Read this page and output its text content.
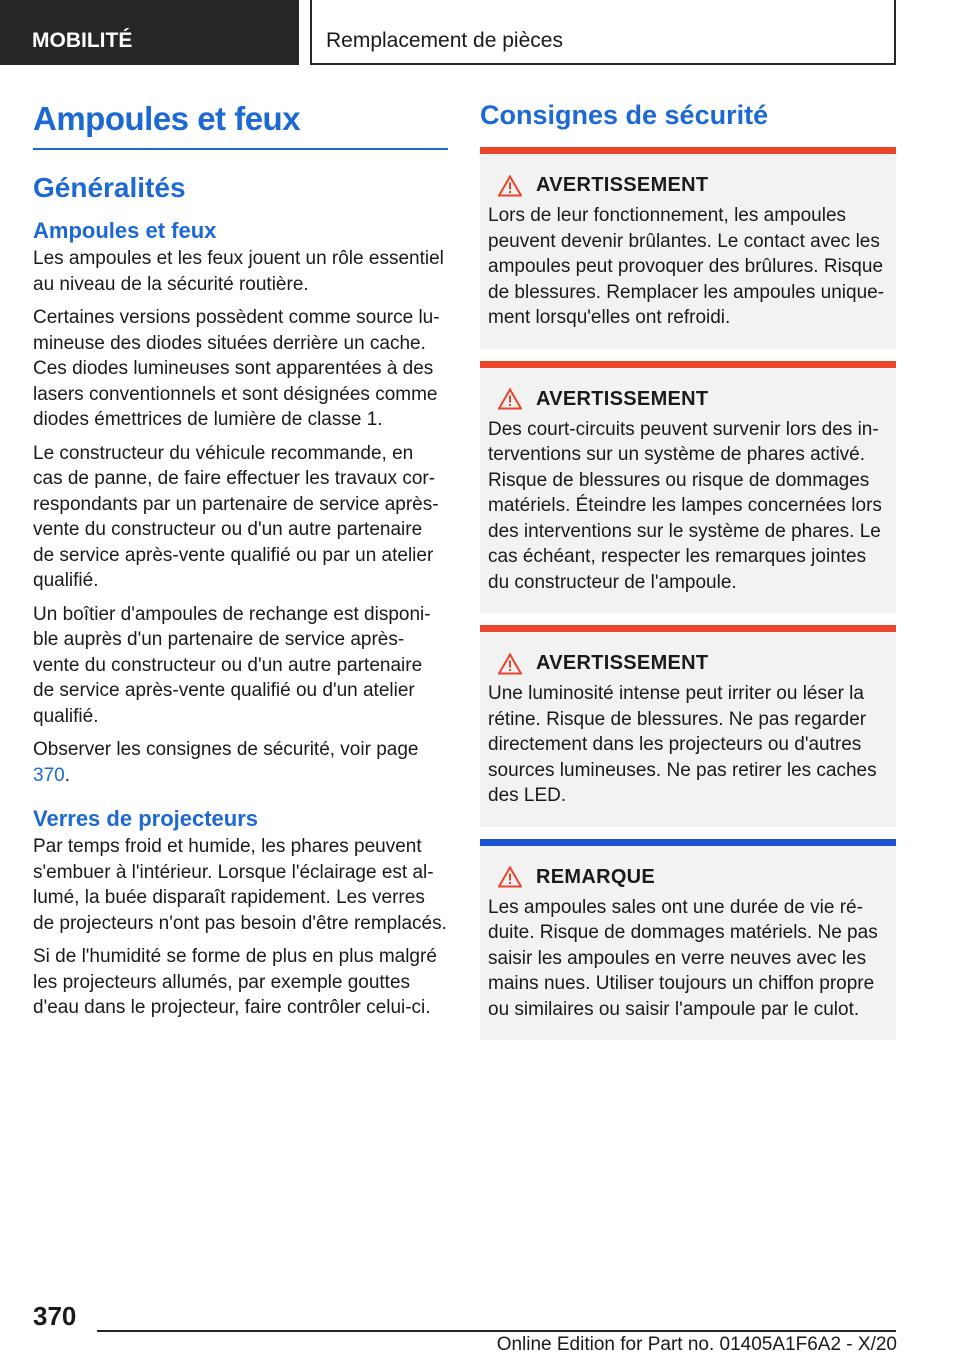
MOBILITÉ	Remplacement de pièces
Ampoules et feux
Généralités
Ampoules et feux

Les ampoules et les feux jouent un rôle essentiel au niveau de la sécurité routière.

Certaines versions possèdent comme source lumineuse des diodes situées derrière un cache. Ces diodes lumineuses sont apparentées à des lasers conventionnels et sont désignées comme diodes émettrices de lumière de classe 1.

Le constructeur du véhicule recommande, en cas de panne, de faire effectuer les travaux correspondants par un partenaire de service après-vente du constructeur ou d'un autre partenaire de service après-vente qualifié ou par un atelier qualifié.

Un boîtier d'ampoules de rechange est disponible auprès d'un partenaire de service après-vente du constructeur ou d'un autre partenaire de service après-vente qualifié ou d'un atelier qualifié.

Observer les consignes de sécurité, voir page 370.

Verres de projecteurs

Par temps froid et humide, les phares peuvent s'embuer à l'intérieur. Lorsque l'éclairage est allumé, la buée disparaît rapidement. Les verres de projecteurs n'ont pas besoin d'être remplacés.

Si de l'humidité se forme de plus en plus malgré les projecteurs allumés, par exemple gouttes d'eau dans le projecteur, faire contrôler celui-ci.

Consignes de sécurité
AVERTISSEMENT

Lors de leur fonctionnement, les ampoules peuvent devenir brûlantes. Le contact avec les ampoules peut provoquer des brûlures. Risque de blessures. Remplacer les ampoules uniquement lorsqu'elles ont refroidi.

AVERTISSEMENT

Des court-circuits peuvent survenir lors des interventions sur un système de phares activé. Risque de blessures ou risque de dommages matériels. Éteindre les lampes concernées lors des interventions sur le système de phares. Le cas échéant, respecter les remarques jointes du constructeur de l'ampoule.

AVERTISSEMENT

Une luminosité intense peut irriter ou léser la rétine. Risque de blessures. Ne pas regarder directement dans les projecteurs ou d'autres sources lumineuses. Ne pas retirer les caches des LED.

REMARQUE

Les ampoules sales ont une durée de vie réduite. Risque de dommages matériels. Ne pas saisir les ampoules en verre neuves avec les mains nues. Utiliser toujours un chiffon propre ou similaires ou saisir l'ampoule par le culot.

370
Online Edition for Part no. 01405A1F6A2 - X/20
